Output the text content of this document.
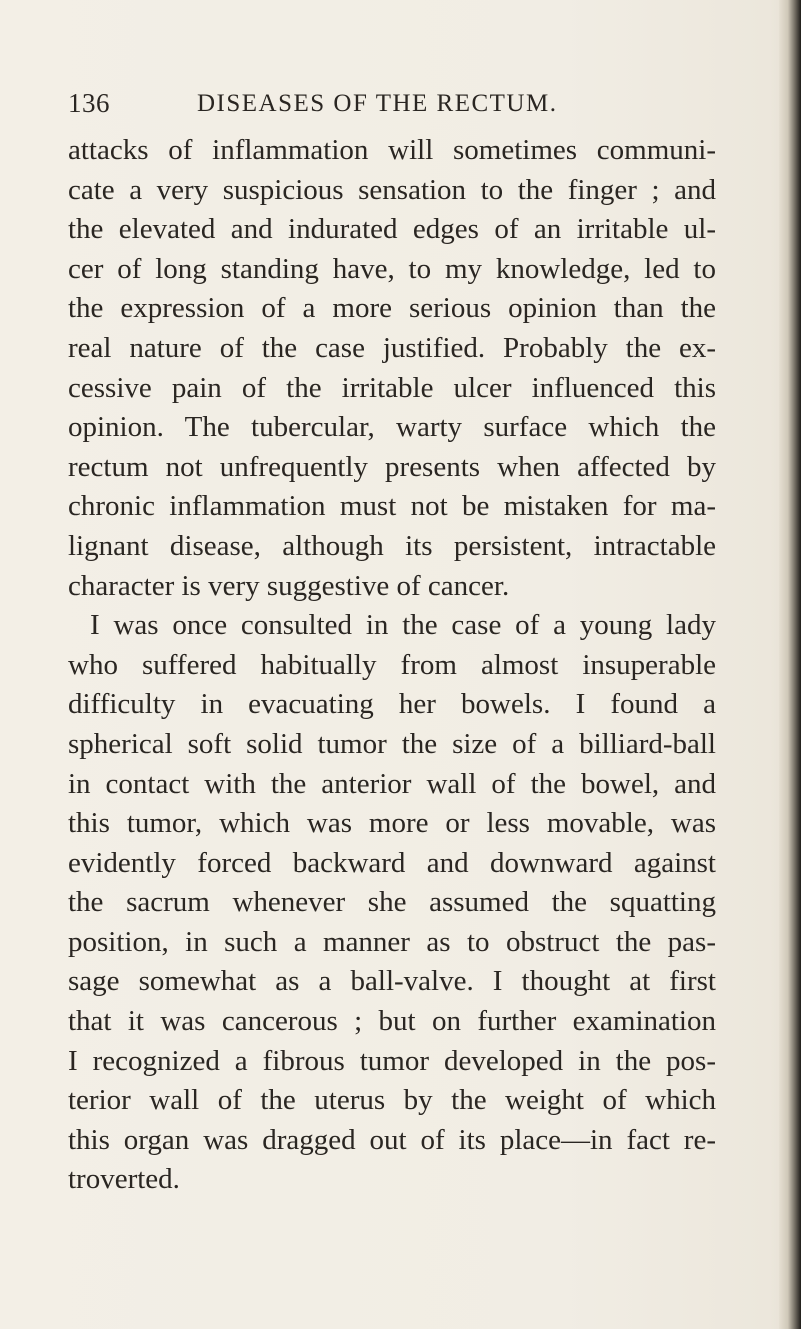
136	DISEASES OF THE RECTUM.
attacks of inflammation will sometimes communi-
cate a very suspicious sensation to the finger ; and
the elevated and indurated edges of an irritable ul-
cer of long standing have, to my knowledge, led to
the expression of a more serious opinion than the
real nature of the case justified. Probably the ex-
cessive pain of the irritable ulcer influenced this
opinion. The tubercular, warty surface which the
rectum not unfrequently presents when affected by
chronic inflammation must not be mistaken for ma-
lignant disease, although its persistent, intractable
character is very suggestive of cancer.
I was once consulted in the case of a young lady
who suffered habitually from almost insuperable
difficulty in evacuating her bowels. I found a
spherical soft solid tumor the size of a billiard-ball
in contact with the anterior wall of the bowel, and
this tumor, which was more or less movable, was
evidently forced backward and downward against
the sacrum whenever she assumed the squatting
position, in such a manner as to obstruct the pas-
sage somewhat as a ball-valve. I thought at first
that it was cancerous ; but on further examination
I recognized a fibrous tumor developed in the pos-
terior wall of the uterus by the weight of which
this organ was dragged out of its place—in fact re-
troverted.
